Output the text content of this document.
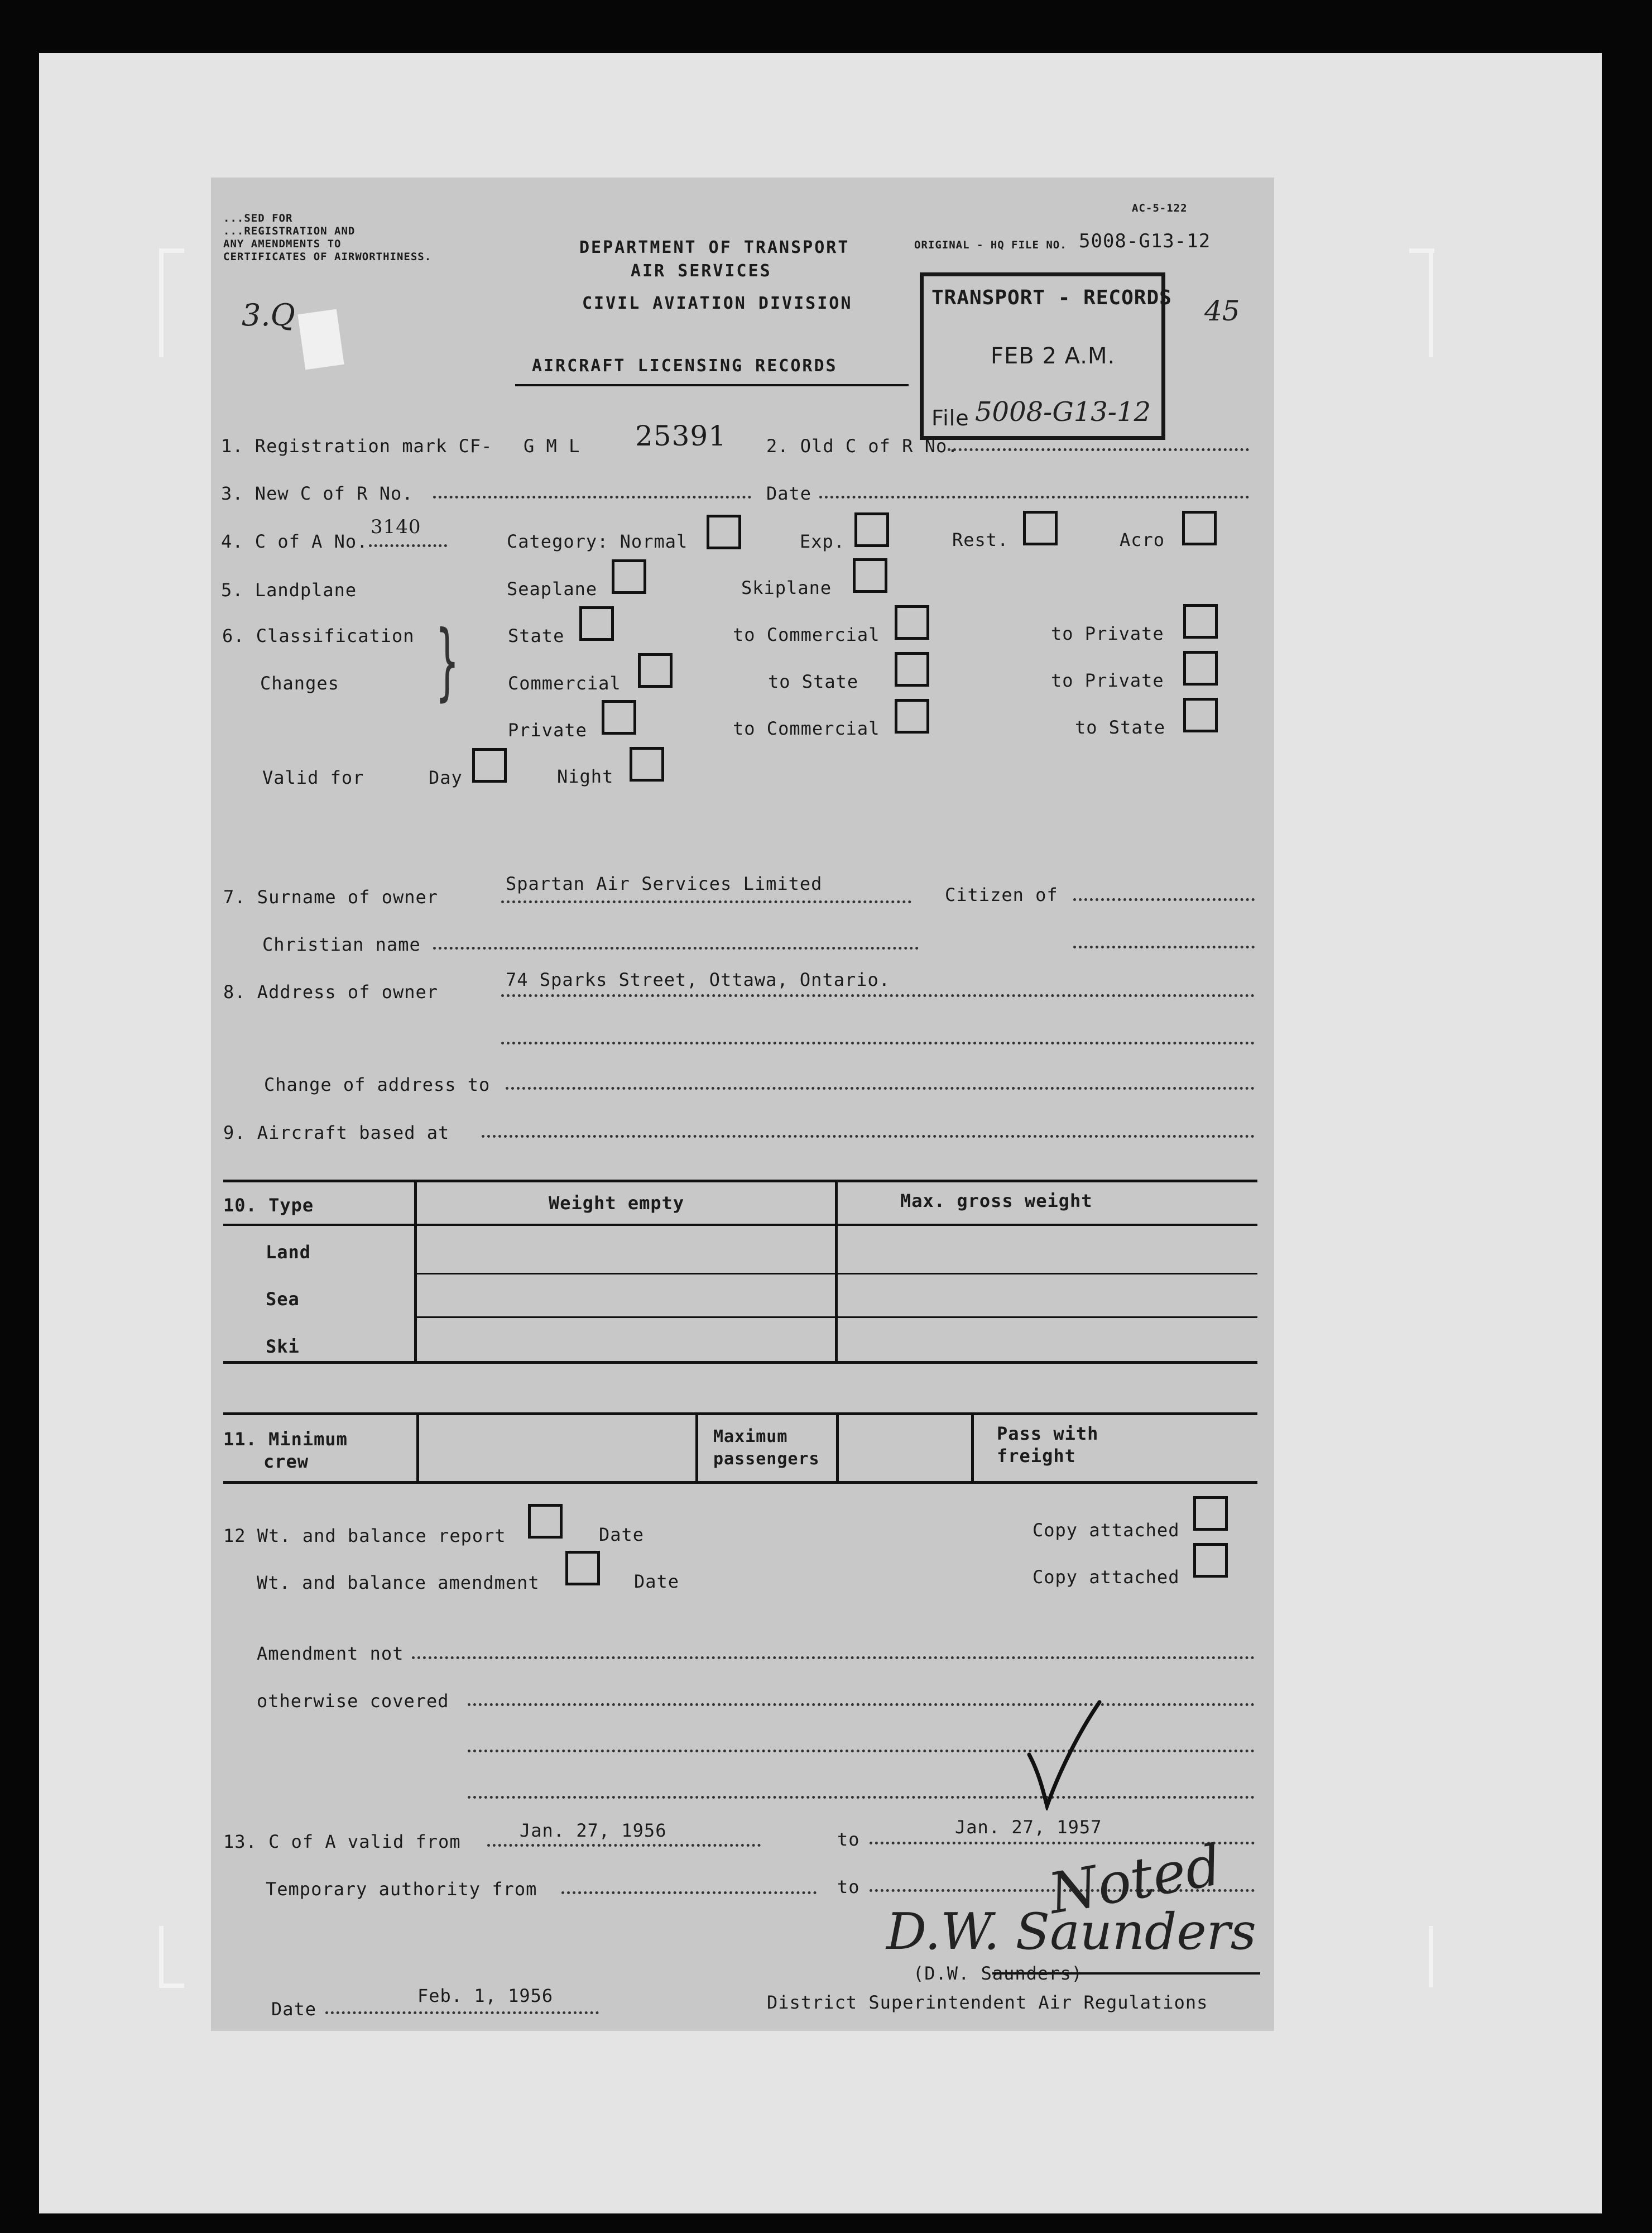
...SED FOR
...REGISTRATION AND
ANY AMENDMENTS TO
CERTIFICATES OF AIRWORTHINESS.
AC-5-122
DEPARTMENT OF TRANSPORT
AIR SERVICES
CIVIL AVIATION DIVISION
ORIGINAL - HQ FILE NO. 5008-G13-12
45
3.Q
AIRCRAFT LICENSING RECORDS
TRANSPORT - RECORDS
FEB 2 A.M.
File 5008-G13-12
1. Registration mark CF- G M L 25391 2. Old C of R No.
3. New C of R No.	Date
4. C of A No.
3140
Category: Normal	Exp.	Rest.	Acro
5. Landplane	Seaplane	Skiplane
6. Classification
Changes }	State	to Commercial	to Private
Commercial	to State	to Private
Private	to Commercial	to State
Valid for	Day	Night
7. Surname of owner
Spartan Air Services Limited
Citizen of
Christian name
8. Address of owner
74 Sparks Street, Ottawa, Ontario.
Change of address to
9. Aircraft based at
10. Type	Weight empty	Max. gross weight
Land
Sea
Ski
11. Minimum
crew
Maximum
passengers
Pass with
freight
12 Wt. and balance report	Date	Copy attached
Wt. and balance amendment	Date	Copy attached
Amendment not
otherwise covered
13. C of A valid from
Jan. 27, 1956	to
Jan. 27, 1957
Temporary authority from	to	Noted
D.W. Saunders
(D.W. Saunders)
District Superintendent Air Regulations
Date
Feb. 1, 1956
